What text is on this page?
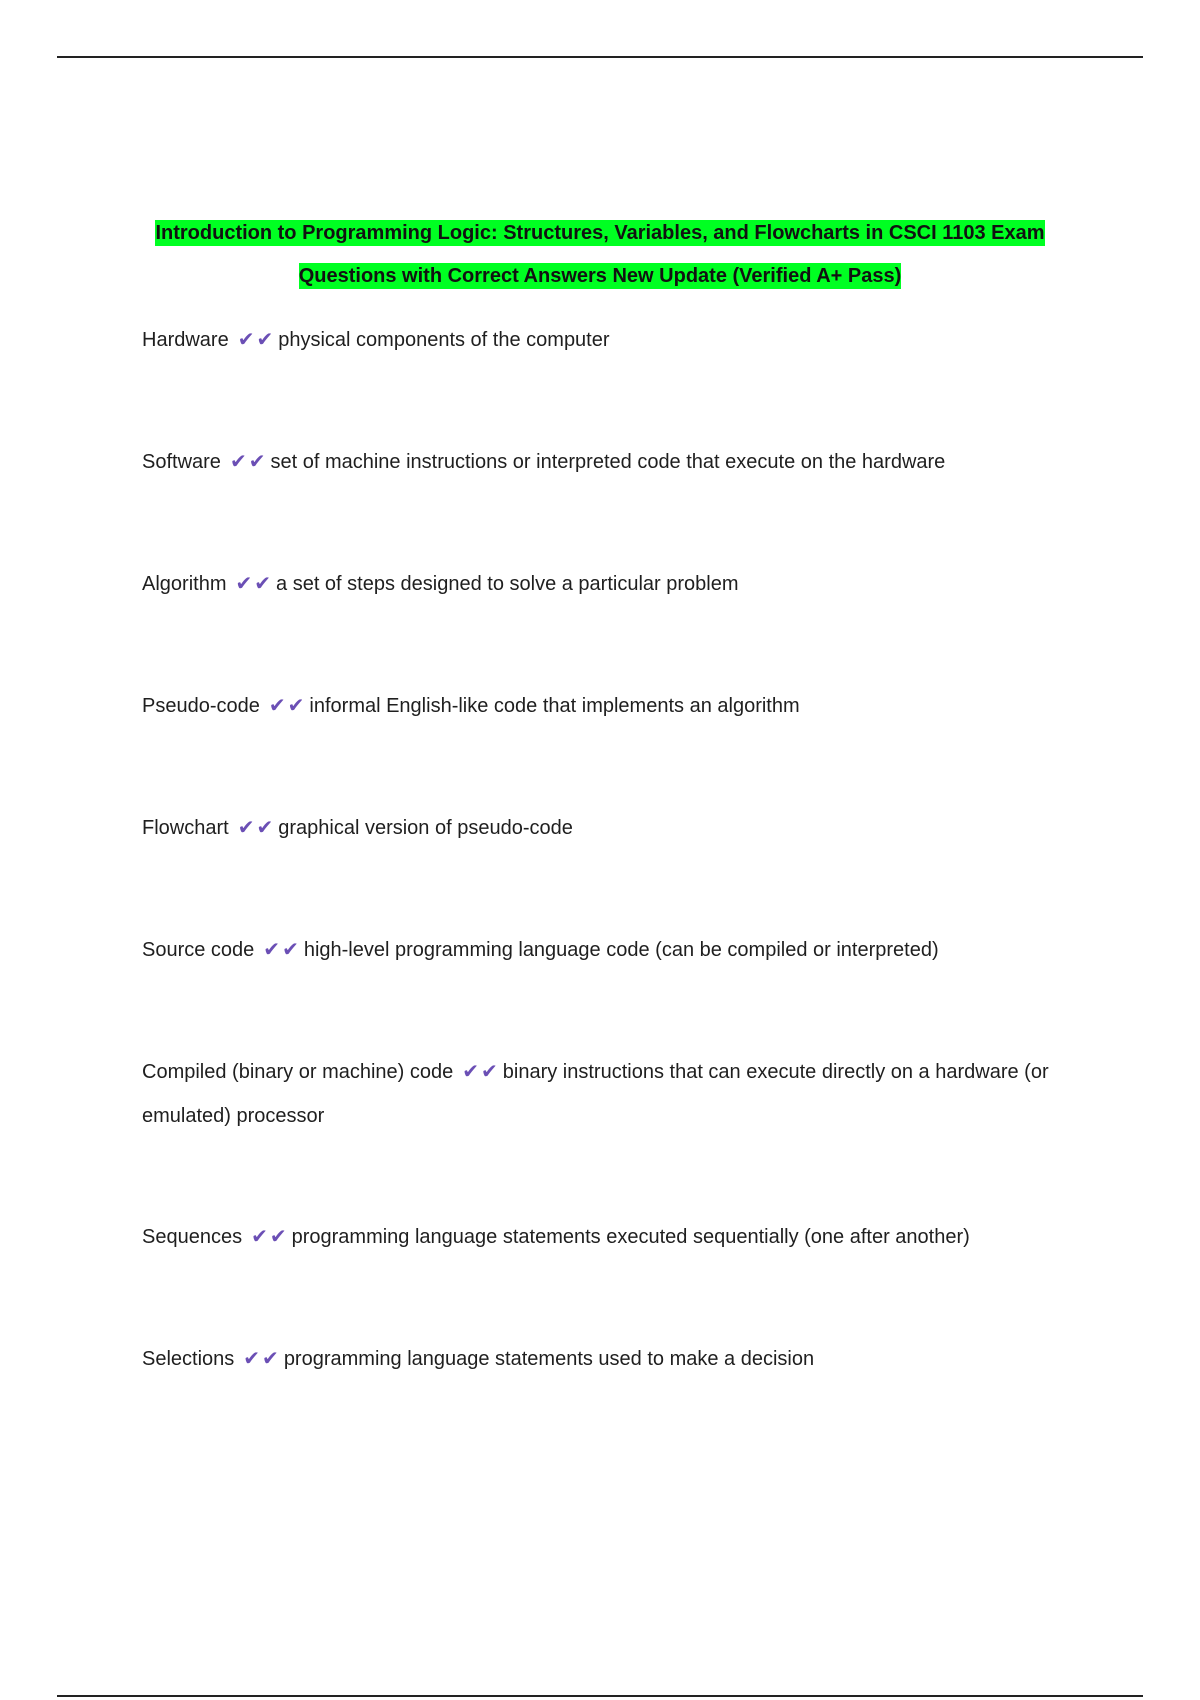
Introduction to Programming Logic: Structures, Variables, and Flowcharts in CSCI 1103 Exam
Questions with Correct Answers New Update (Verified A+ Pass)
Hardware ✔ ✔ physical components of the computer
Software ✔ ✔ set of machine instructions or interpreted code that execute on the hardware
Algorithm ✔ ✔ a set of steps designed to solve a particular problem
Pseudo-code ✔ ✔ informal English-like code that implements an algorithm
Flowchart ✔ ✔ graphical version of pseudo-code
Source code ✔ ✔ high-level programming language code (can be compiled or interpreted)
Compiled (binary or machine) code ✔ ✔ binary instructions that can execute directly on a hardware (or emulated) processor
Sequences ✔ ✔ programming language statements executed sequentially (one after another)
Selections ✔ ✔ programming language statements used to make a decision
